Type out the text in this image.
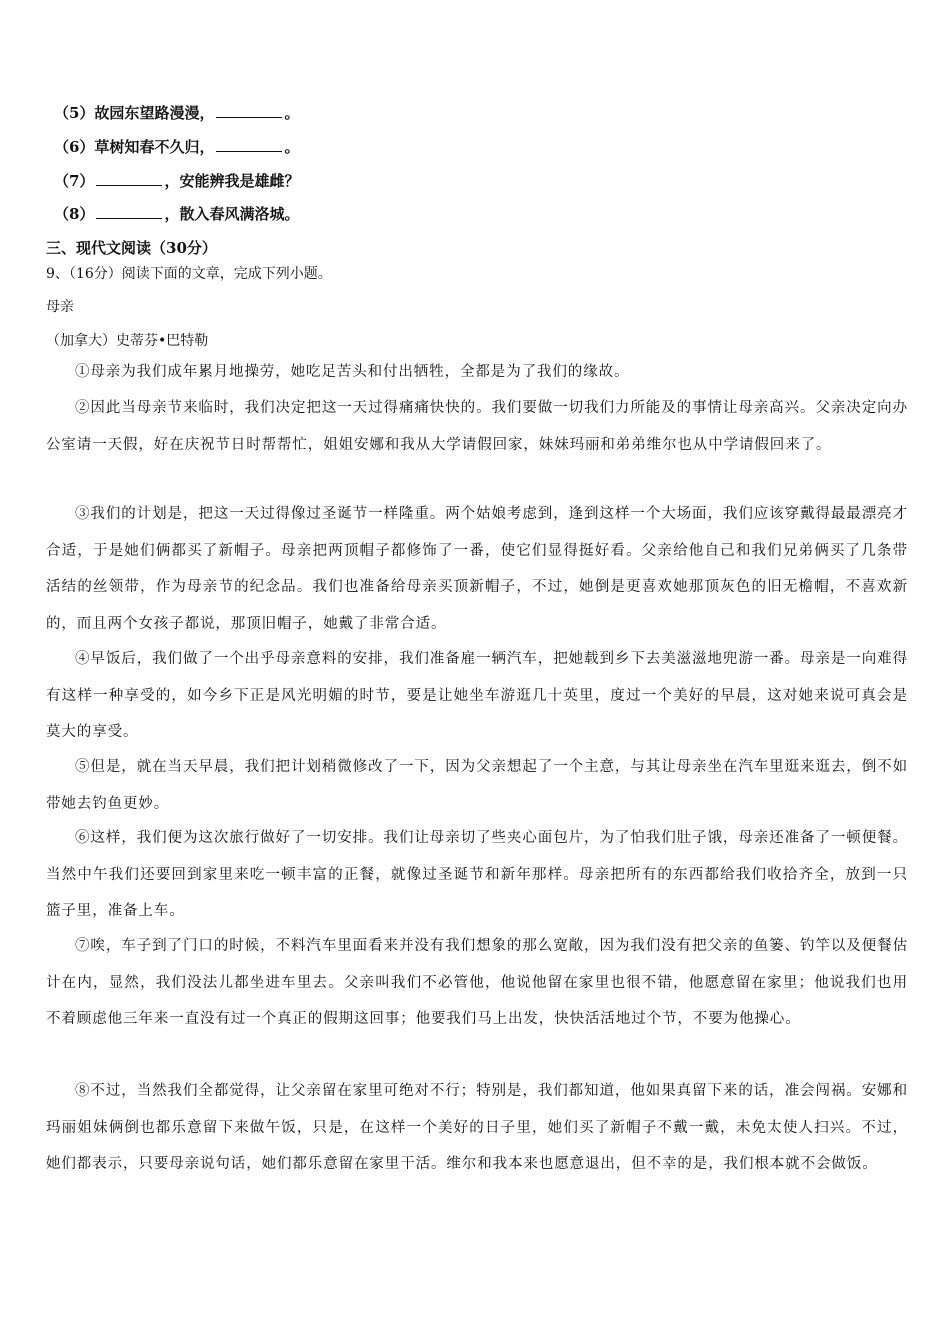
（5）故园东望路漫漫，	。
（6）草树知春不久归，	。
（7）	，安能辨我是雄雌？
（8）	，散入春风满洛城。
三、现代文阅读（30分）
9、（16分）阅读下面的文章，完成下列小题。
母亲
（加拿大）史蒂芬•巴特勒
①母亲为我们成年累月地操劳，她吃足苦头和付出牺牲，全都是为了我们的缘故。
②因此当母亲节来临时，我们决定把这一天过得痛痛快快的。我们要做一切我们力所能及的事情让母亲高兴。父亲决定向办公室请一天假，好在庆祝节日时帮帮忙，姐姐安娜和我从大学请假回家，妹妹玛丽和弟弟维尔也从中学请假回来了。
③我们的计划是，把这一天过得像过圣诞节一样隆重。两个姑娘考虑到，逢到这样一个大场面，我们应该穿戴得最最漂亮才合适，于是她们俩都买了新帽子。母亲把两顶帽子都修饰了一番，使它们显得挺好看。父亲给他自己和我们兄弟俩买了几条带活结的丝领带，作为母亲节的纪念品。我们也准备给母亲买顶新帽子，不过，她倒是更喜欢她那顶灰色的旧无檐帽，不喜欢新的，而且两个女孩子都说，那顶旧帽子，她戴了非常合适。
④早饭后，我们做了一个出乎母亲意料的安排，我们准备雇一辆汽车，把她载到乡下去美滋滋地兜游一番。母亲是一向难得有这样一种享受的，如今乡下正是风光明媚的时节，要是让她坐车游逛几十英里，度过一个美好的早晨，这对她来说可真会是莫大的享受。
⑤但是，就在当天早晨，我们把计划稍微修改了一下，因为父亲想起了一个主意，与其让母亲坐在汽车里逛来逛去，倒不如带她去钓鱼更妙。
⑥这样，我们便为这次旅行做好了一切安排。我们让母亲切了些夹心面包片，为了怕我们肚子饿，母亲还准备了一顿便餐。当然中午我们还要回到家里来吃一顿丰富的正餐，就像过圣诞节和新年那样。母亲把所有的东西都给我们收拾齐全，放到一只篮子里，准备上车。
⑦唉，车子到了门口的时候，不料汽车里面看来并没有我们想象的那么宽敞，因为我们没有把父亲的鱼篓、钓竿以及便餐估计在内，显然，我们没法儿都坐进车里去。父亲叫我们不必管他，他说他留在家里也很不错，他愿意留在家里；他说我们也用不着顾虑他三年来一直没有过一个真正的假期这回事；他要我们马上出发，快快活活地过个节，不要为他操心。
⑧不过，当然我们全都觉得，让父亲留在家里可绝对不行；特别是，我们都知道，他如果真留下来的话，准会闯祸。安娜和玛丽姐妹俩倒也都乐意留下来做午饭，只是，在这样一个美好的日子里，她们买了新帽子不戴一戴，未免太使人扫兴。不过，她们都表示，只要母亲说句话，她们都乐意留在家里干活。维尔和我本来也愿意退出，但不幸的是，我们根本就不会做饭。
